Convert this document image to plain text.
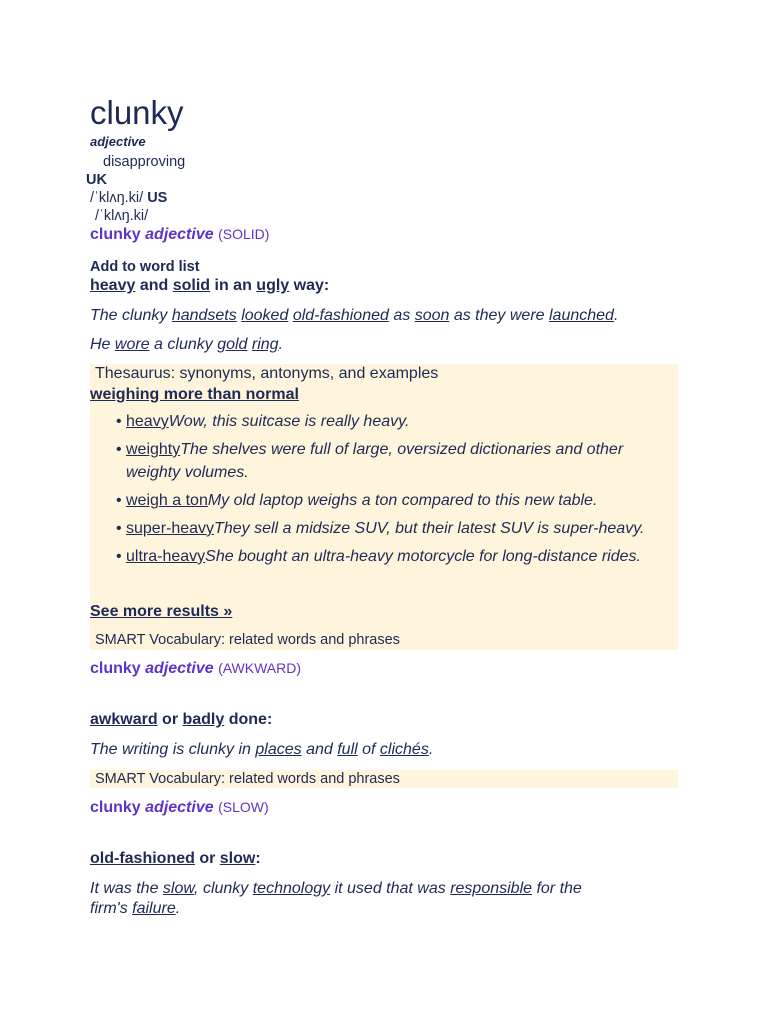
clunky
adjective
disapproving
UK
/ˈklʌŋ.ki/ US
/ˈklʌŋ.ki/
clunky adjective (SOLID)
Add to word list
heavy and solid in an ugly way:
The clunky handsets looked old-fashioned as soon as they were launched.
He wore a clunky gold ring.
Thesaurus: synonyms, antonyms, and examples
weighing more than normal
• heavyWow, this suitcase is really heavy.
• weightyThe shelves were full of large, oversized dictionaries and other weighty volumes.
• weigh a tonMy old laptop weighs a ton compared to this new table.
• super-heavyThey sell a midsize SUV, but their latest SUV is super-heavy.
• ultra-heavyShe bought an ultra-heavy motorcycle for long-distance rides.
See more results »
SMART Vocabulary: related words and phrases
clunky adjective (AWKWARD)
awkward or badly done:
The writing is clunky in places and full of clichés.
SMART Vocabulary: related words and phrases
clunky adjective (SLOW)
old-fashioned or slow:
It was the slow, clunky technology it used that was responsible for the
firm's failure.
